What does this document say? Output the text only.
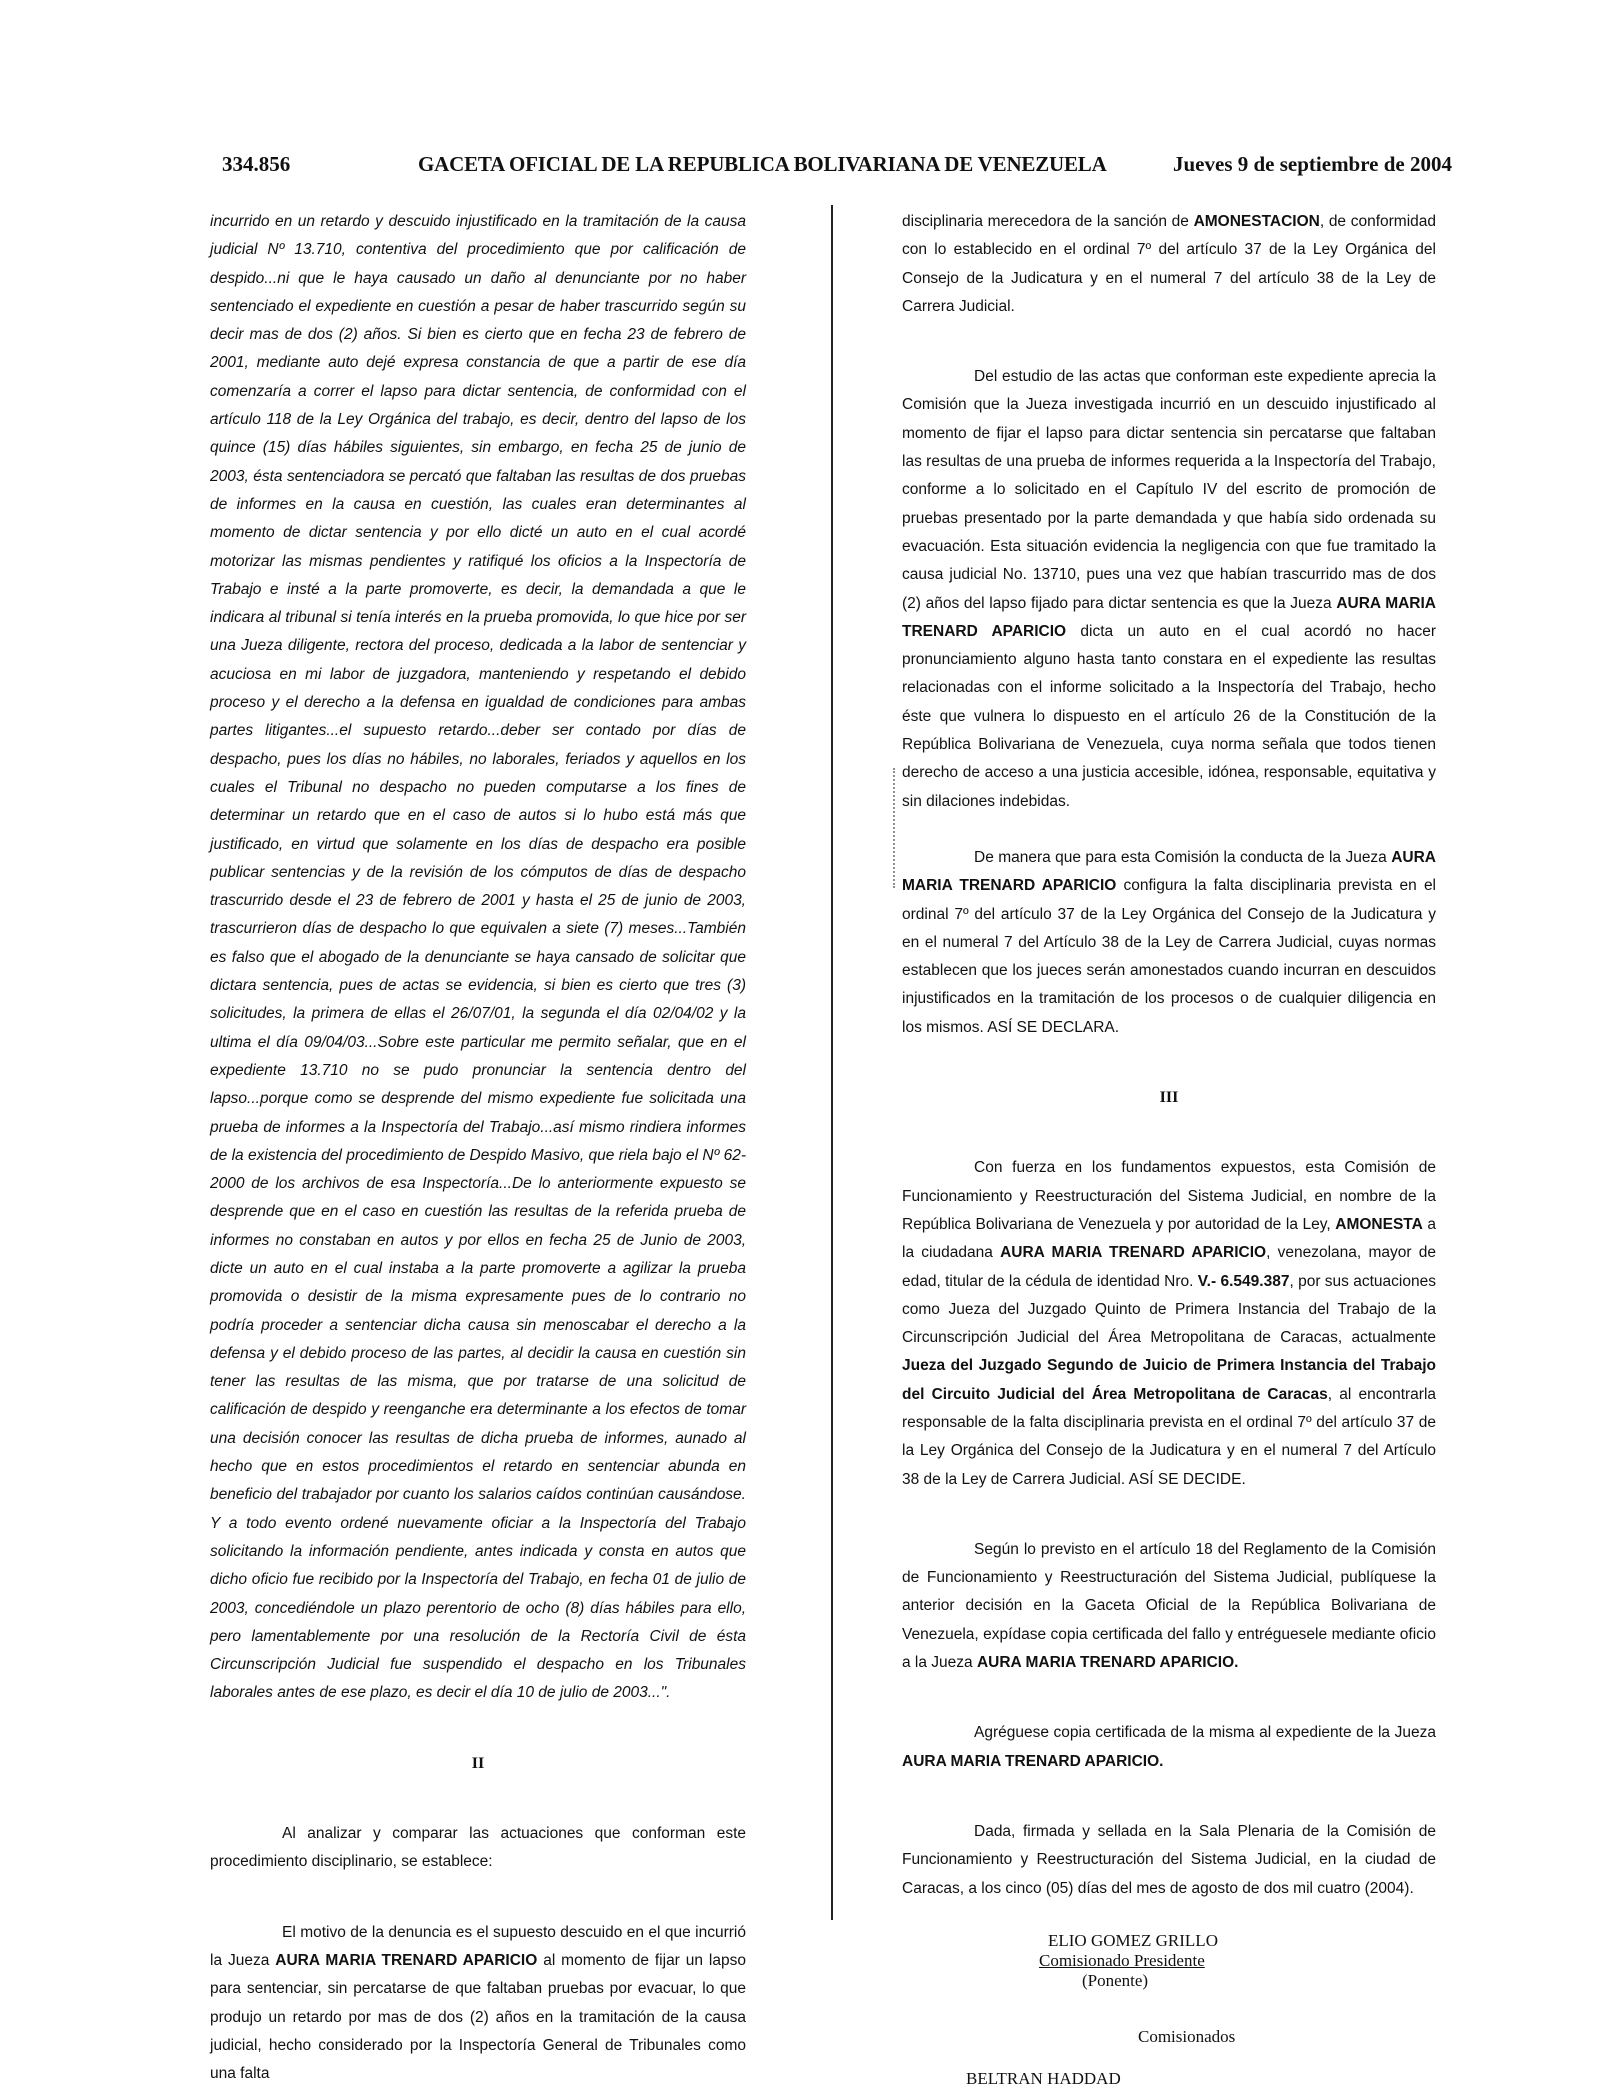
334.856	GACETA OFICIAL DE LA REPUBLICA BOLIVARIANA DE VENEZUELA	Jueves 9 de septiembre de 2004

incurrido en un retardo y descuido injustificado en la tramitación de la causa judicial Nº 13.710, contentiva del procedimiento que por calificación de despido...ni que le haya causado un daño al denunciante por no haber sentenciado el expediente en cuestión a pesar de haber trascurrido según su decir mas de dos (2) años. Si bien es cierto que en fecha 23 de febrero de 2001, mediante auto dejé expresa constancia de que a partir de ese día comenzaría a correr el lapso para dictar sentencia, de conformidad con el artículo 118 de la Ley Orgánica del trabajo, es decir, dentro del lapso de los quince (15) días hábiles siguientes, sin embargo, en fecha 25 de junio de 2003, ésta sentenciadora se percató que faltaban las resultas de dos pruebas de informes en la causa en cuestión, las cuales eran determinantes al momento de dictar sentencia y por ello dicté un auto en el cual acordé motorizar las mismas pendientes y ratifiqué los oficios a la Inspectoría de Trabajo e insté a la parte promoverte, es decir, la demandada a que le indicara al tribunal si tenía interés en la prueba promovida, lo que hice por ser una Jueza diligente, rectora del proceso, dedicada a la labor de sentenciar y acuciosa en mi labor de juzgadora, manteniendo y respetando el debido proceso y el derecho a la defensa en igualdad de condiciones para ambas partes litigantes...el supuesto retardo...deber ser contado por días de despacho, pues los días no hábiles, no laborales, feriados y aquellos en los cuales el Tribunal no despacho no pueden computarse a los fines de determinar un retardo que en el caso de autos si lo hubo está más que justificado, en virtud que solamente en los días de despacho era posible publicar sentencias y de la revisión de los cómputos de días de despacho trascurrido desde el 23 de febrero de 2001 y hasta el 25 de junio de 2003, trascurrieron días de despacho lo que equivalen a siete (7) meses...También es falso que el abogado de la denunciante se haya cansado de solicitar que dictara sentencia, pues de actas se evidencia, si bien es cierto que tres (3) solicitudes, la primera de ellas el 26/07/01, la segunda el día 02/04/02 y la ultima el día 09/04/03...Sobre este particular me permito señalar, que en el expediente 13.710 no se pudo pronunciar la sentencia dentro del lapso...porque como se desprende del mismo expediente fue solicitada una prueba de informes a la Inspectoría del Trabajo...así mismo rindiera informes de la existencia del procedimiento de Despido Masivo, que riela bajo el Nº 62-2000 de los archivos de esa Inspectoría...De lo anteriormente expuesto se desprende que en el caso en cuestión las resultas de la referida prueba de informes no constaban en autos y por ellos en fecha 25 de Junio de 2003, dicte un auto en el cual instaba a la parte promoverte a agilizar la prueba promovida o desistir de la misma expresamente pues de lo contrario no podría proceder a sentenciar dicha causa sin menoscabar el derecho a la defensa y el debido proceso de las partes, al decidir la causa en cuestión sin tener las resultas de las misma, que por tratarse de una solicitud de calificación de despido y reenganche era determinante a los efectos de tomar una decisión conocer las resultas de dicha prueba de informes, aunado al hecho que en estos procedimientos el retardo en sentenciar abunda en beneficio del trabajador por cuanto los salarios caídos continúan causándose. Y a todo evento ordené nuevamente oficiar a la Inspectoría del Trabajo solicitando la información pendiente, antes indicada y consta en autos que dicho oficio fue recibido por la Inspectoría del Trabajo, en fecha 01 de julio de 2003, concediéndole un plazo perentorio de ocho (8) días hábiles para ello, pero lamentablemente por una resolución de la Rectoría Civil de ésta Circunscripción Judicial fue suspendido el despacho en los Tribunales laborales antes de ese plazo, es decir el día 10 de julio de 2003...".

II

Al analizar y comparar las actuaciones que conforman este procedimiento disciplinario, se establece:

El motivo de la denuncia es el supuesto descuido en el que incurrió la Jueza AURA MARIA TRENARD APARICIO al momento de fijar un lapso para sentenciar, sin percatarse de que faltaban pruebas por evacuar, lo que produjo un retardo por mas de dos (2) años en la tramitación de la causa judicial, hecho considerado por la Inspectoría General de Tribunales como una falta

disciplinaria merecedora de la sanción de AMONESTACION, de conformidad con lo establecido en el ordinal 7º del artículo 37 de la Ley Orgánica del Consejo de la Judicatura y en el numeral 7 del artículo 38 de la Ley de Carrera Judicial.

Del estudio de las actas que conforman este expediente aprecia la Comisión que la Jueza investigada incurrió en un descuido injustificado al momento de fijar el lapso para dictar sentencia sin percatarse que faltaban las resultas de una prueba de informes requerida a la Inspectoría del Trabajo, conforme a lo solicitado en el Capítulo IV del escrito de promoción de pruebas presentado por la parte demandada y que había sido ordenada su evacuación. Esta situación evidencia la negligencia con que fue tramitado la causa judicial No. 13710, pues una vez que habían trascurrido mas de dos (2) años del lapso fijado para dictar sentencia es que la Jueza AURA MARIA TRENARD APARICIO dicta un auto en el cual acordó no hacer pronunciamiento alguno hasta tanto constara en el expediente las resultas relacionadas con el informe solicitado a la Inspectoría del Trabajo, hecho éste que vulnera lo dispuesto en el artículo 26 de la Constitución de la República Bolivariana de Venezuela, cuya norma señala que todos tienen derecho de acceso a una justicia accesible, idónea, responsable, equitativa y sin dilaciones indebidas.

De manera que para esta Comisión la conducta de la Jueza AURA MARIA TRENARD APARICIO configura la falta disciplinaria prevista en el ordinal 7º del artículo 37 de la Ley Orgánica del Consejo de la Judicatura y en el numeral 7 del Artículo 38 de la Ley de Carrera Judicial, cuyas normas establecen que los jueces serán amonestados cuando incurran en descuidos injustificados en la tramitación de los procesos o de cualquier diligencia en los mismos. ASÍ SE DECLARA.

III

Con fuerza en los fundamentos expuestos, esta Comisión de Funcionamiento y Reestructuración del Sistema Judicial, en nombre de la República Bolivariana de Venezuela y por autoridad de la Ley, AMONESTA a la ciudadana AURA MARIA TRENARD APARICIO, venezolana, mayor de edad, titular de la cédula de identidad Nro. V.- 6.549.387, por sus actuaciones como Jueza del Juzgado Quinto de Primera Instancia del Trabajo de la Circunscripción Judicial del Área Metropolitana de Caracas, actualmente Jueza del Juzgado Segundo de Juicio de Primera Instancia del Trabajo del Circuito Judicial del Área Metropolitana de Caracas, al encontrarla responsable de la falta disciplinaria prevista en el ordinal 7º del artículo 37 de la Ley Orgánica del Consejo de la Judicatura y en el numeral 7 del Artículo 38 de la Ley de Carrera Judicial. ASÍ SE DECIDE.

Según lo previsto en el artículo 18 del Reglamento de la Comisión de Funcionamiento y Reestructuración del Sistema Judicial, publíquese la anterior decisión en la Gaceta Oficial de la República Bolivariana de Venezuela, expídase copia certificada del fallo y entréguesele mediante oficio a la Jueza AURA MARIA TRENARD APARICIO.

Agréguese copia certificada de la misma al expediente de la Jueza AURA MARIA TRENARD APARICIO.

Dada, firmada y sellada en la Sala Plenaria de la Comisión de Funcionamiento y Reestructuración del Sistema Judicial, en la ciudad de Caracas, a los cinco (05) días del mes de agosto de dos mil cuatro (2004).

ELIO GOMEZ GRILLO
Comisionado Presidente
(Ponente)
Comisionados
BELTRAN HADDAD
